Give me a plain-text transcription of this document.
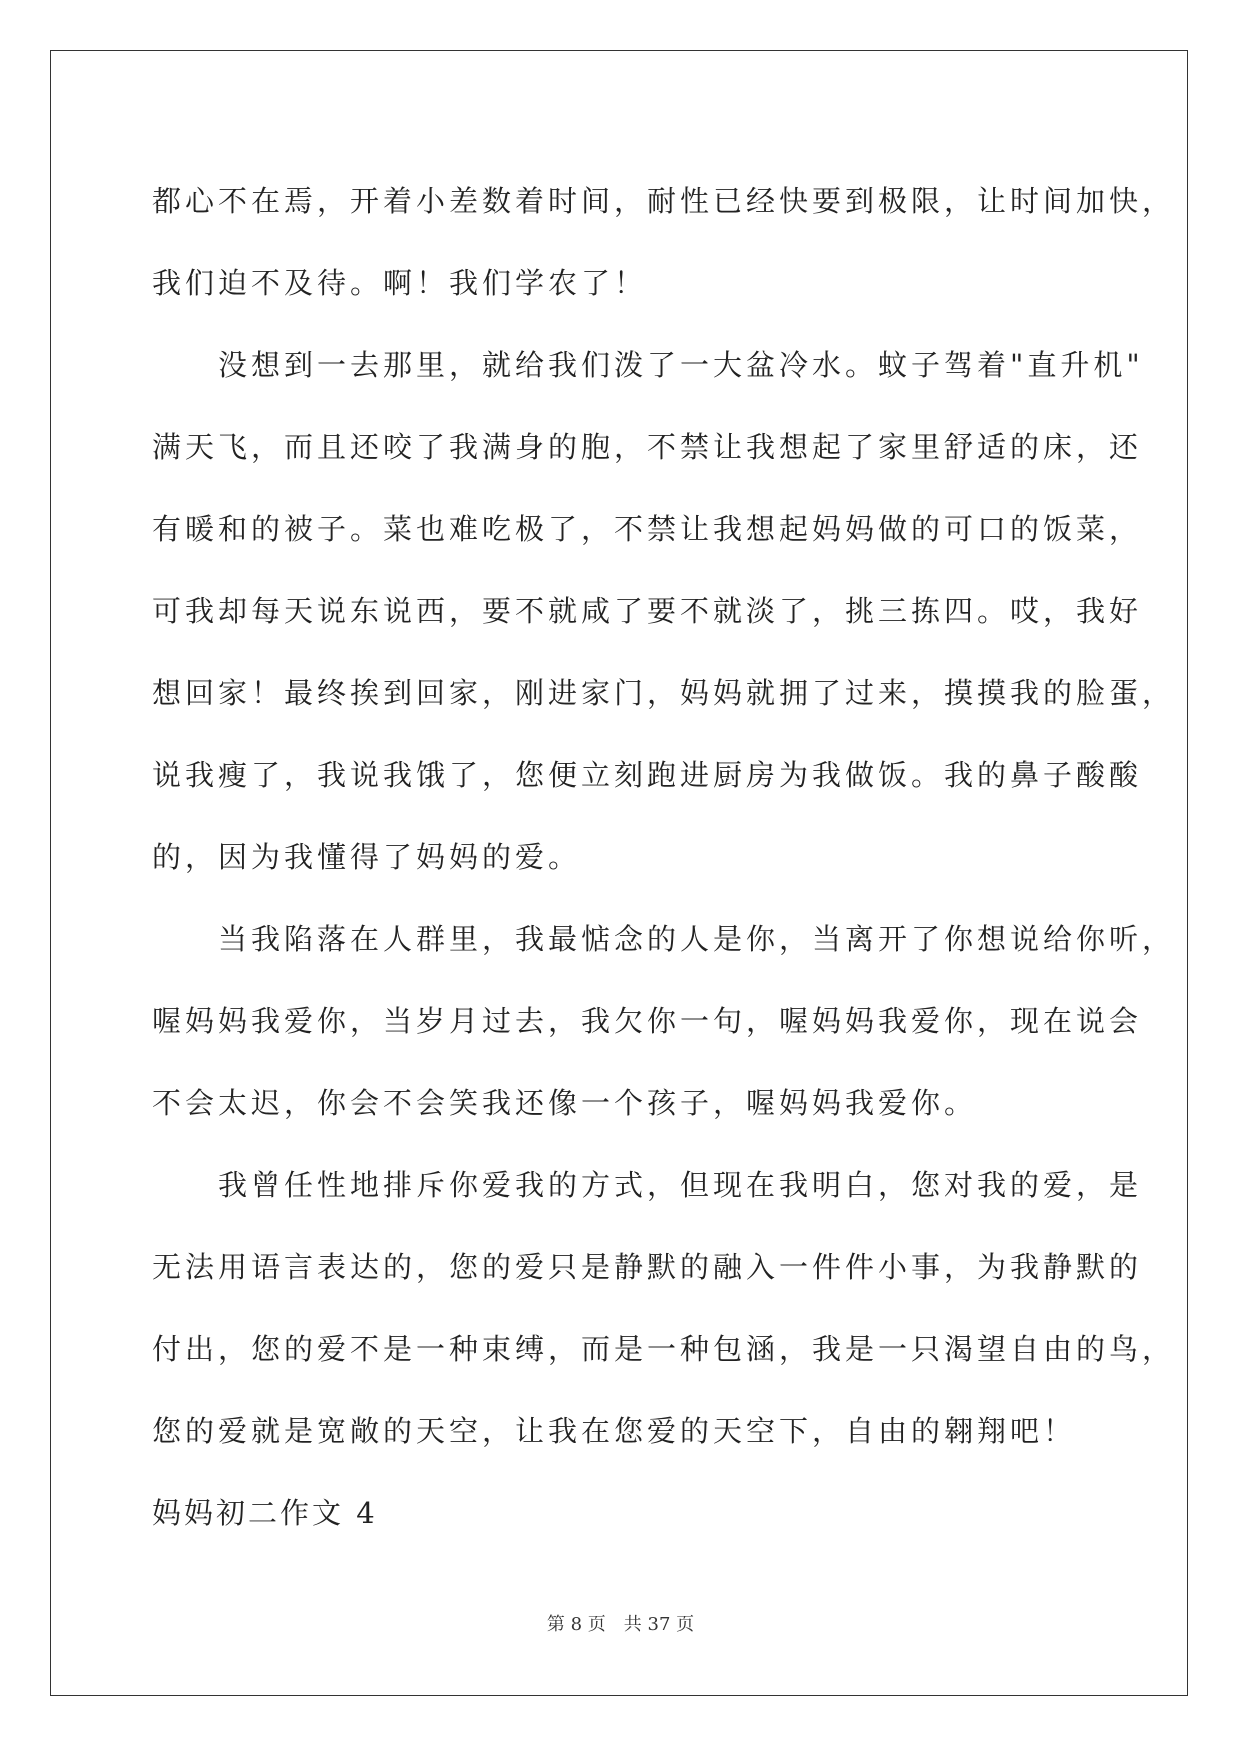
都心不在焉，开着小差数着时间，耐性已经快要到极限，让时间加快，
我们迫不及待。啊！我们学农了！
　　没想到一去那里，就给我们泼了一大盆冷水。蚊子驾着"直升机"
满天飞，而且还咬了我满身的胞，不禁让我想起了家里舒适的床，还
有暖和的被子。菜也难吃极了，不禁让我想起妈妈做的可口的饭菜，
可我却每天说东说西，要不就咸了要不就淡了，挑三拣四。哎，我好
想回家！最终挨到回家，刚进家门，妈妈就拥了过来，摸摸我的脸蛋，
说我瘦了，我说我饿了，您便立刻跑进厨房为我做饭。我的鼻子酸酸
的，因为我懂得了妈妈的爱。
　　当我陷落在人群里，我最惦念的人是你，当离开了你想说给你听，
喔妈妈我爱你，当岁月过去，我欠你一句，喔妈妈我爱你，现在说会
不会太迟，你会不会笑我还像一个孩子，喔妈妈我爱你。
　　我曾任性地排斥你爱我的方式，但现在我明白，您对我的爱，是
无法用语言表达的，您的爱只是静默的融入一件件小事，为我静默的
付出，您的爱不是一种束缚，而是一种包涵，我是一只渴望自由的鸟，
您的爱就是宽敞的天空，让我在您爱的天空下，自由的翱翔吧！
妈妈初二作文 4
第 8 页 共 37 页
